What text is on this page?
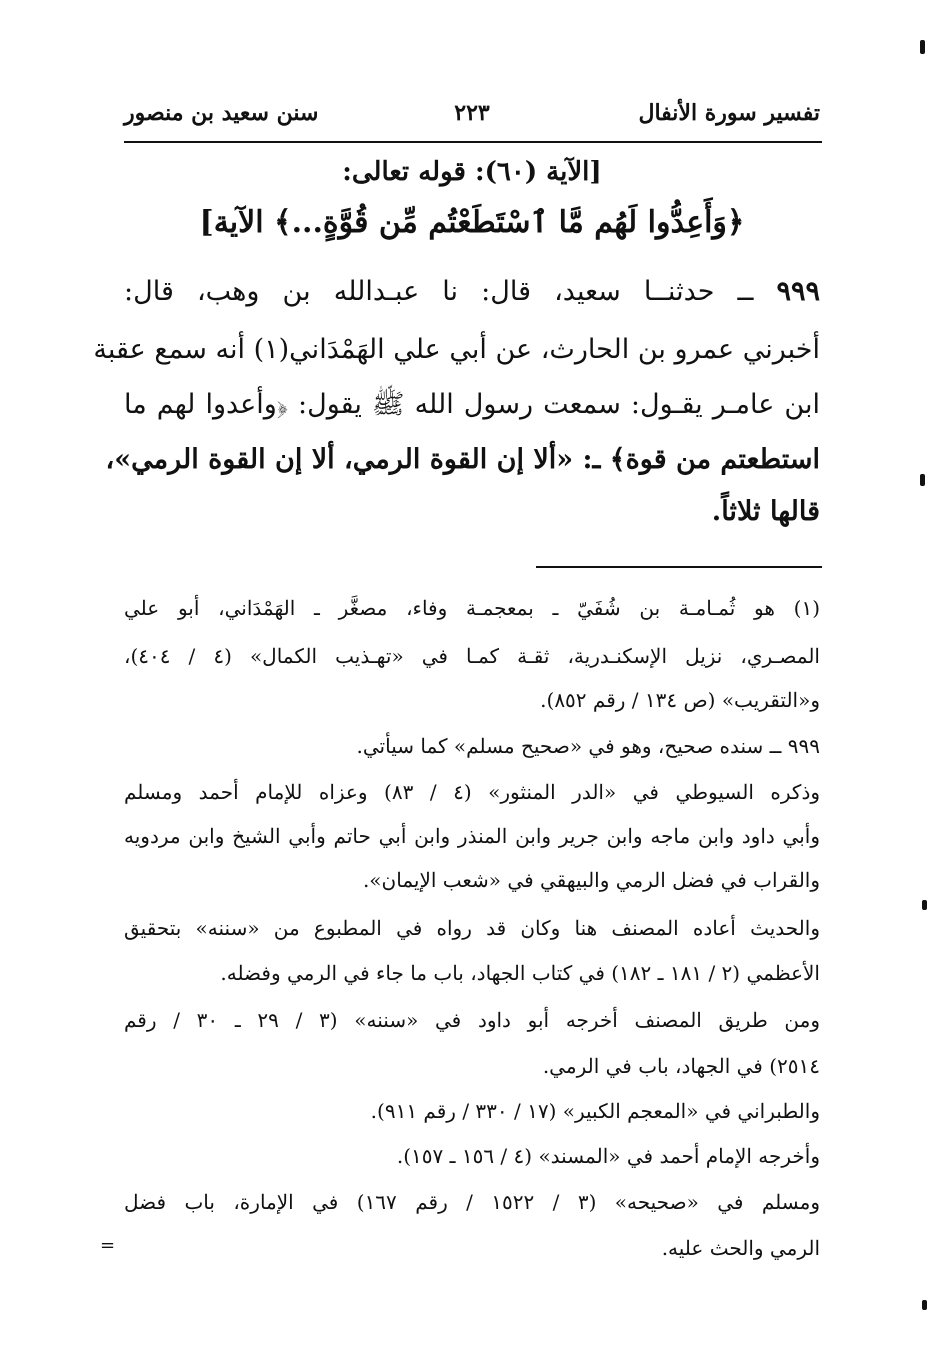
تفسير سورة الأنفال
٢٢٣
سنن سعيد بن منصور
[الآية (٦٠): قوله تعالى:
﴿وَأَعِدُّوا لَهُم مَّا ٱسْتَطَعْتُم مِّن قُوَّةٍ...﴾ الآية]
٩٩٩ ــ حدثنــا سعيد، قال: نا عبـدالله بن وهب، قال:
أخبرني عمرو بن الحارث، عن أبي علي الهَمْدَاني(١) أنه سمع عقبة
ابن عامـر يقـول: سمعت رسول الله ﷺ يقول: ﴿وأعدوا لهم ما
استطعتم من قوة﴾ ـ: «ألا إن القوة الرمي، ألا إن القوة الرمي»،
قالها ثلاثاً.
(١) هو ثُمـامـة بن شُفَيّ ـ بمعجمـة وفاء، مصغَّر ـ الهَمْدَاني، أبو علي
المصـري، نزيل الإسكنـدرية، ثقـة كمـا في «تهـذيب الكمال» (٤ / ٤٠٤)،
و«التقريب» (ص ١٣٤ / رقم ٨٥٢).
٩٩٩ ــ سنده صحيح، وهو في «صحيح مسلم» كما سيأتي.
وذكره السيوطي في «الدر المنثور» (٤ / ٨٣) وعزاه للإمام أحمد ومسلم
وأبي داود وابن ماجه وابن جرير وابن المنذر وابن أبي حاتم وأبي الشيخ وابن مردويه
والقراب في فضل الرمي والبيهقي في «شعب الإيمان».
والحديث أعاده المصنف هنا وكان قد رواه في المطبوع من «سننه» بتحقيق
الأعظمي (٢ / ١٨١ ـ ١٨٢) في كتاب الجهاد، باب ما جاء في الرمي وفضله.
ومن طريق المصنف أخرجه أبو داود في «سننه» (٣ / ٢٩ ـ ٣٠ / رقم
٢٥١٤) في الجهاد، باب في الرمي.
والطبراني في «المعجم الكبير» (١٧ / ٣٣٠ / رقم ٩١١).
وأخرجه الإمام أحمد في «المسند» (٤ / ١٥٦ ـ ١٥٧).
ومسلم في «صحيحه» (٣ / ١٥٢٢ / رقم ١٦٧) في الإمارة، باب فضل
الرمي والحث عليه.
=
